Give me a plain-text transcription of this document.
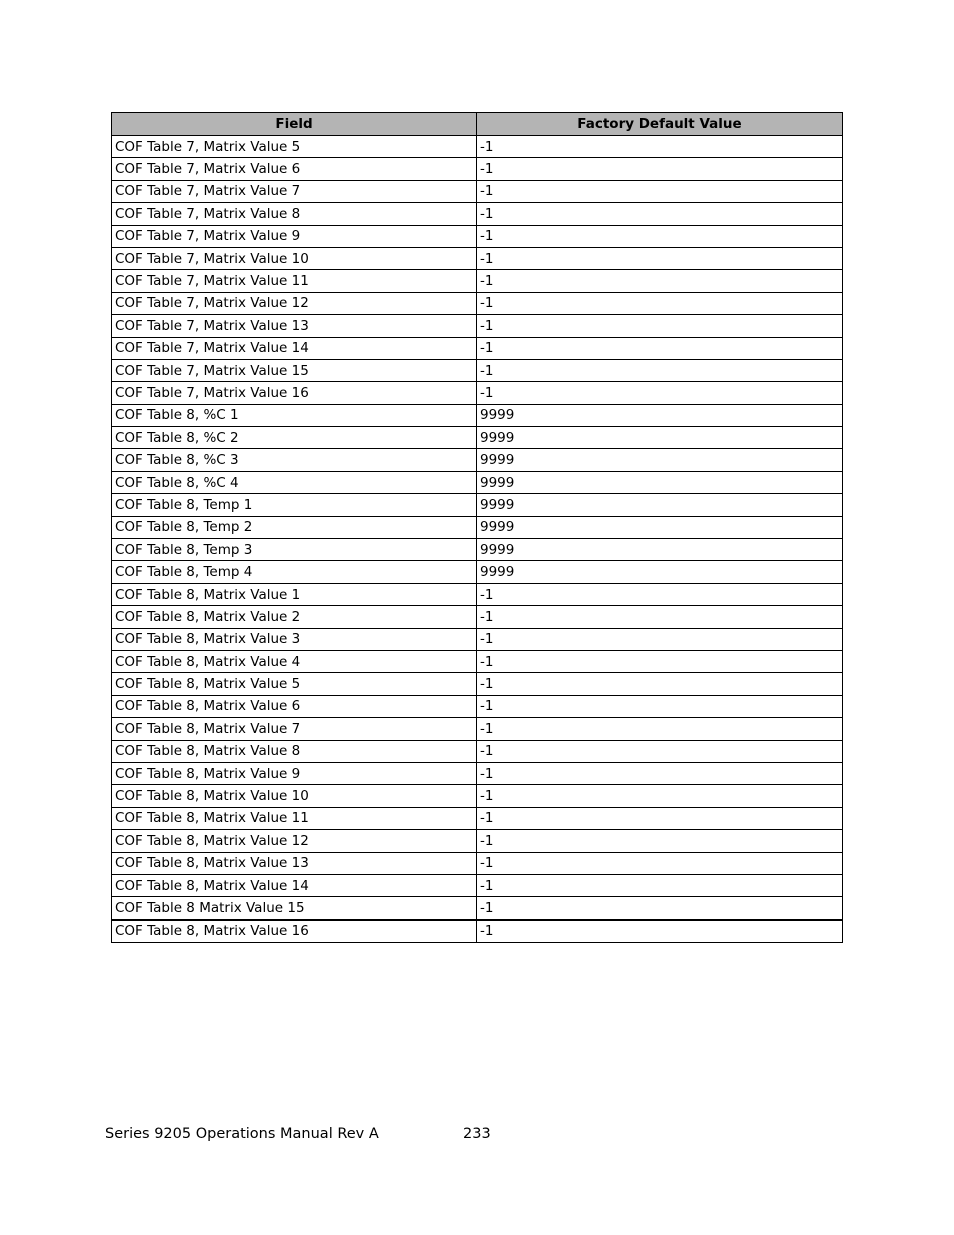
Field	Factory Default Value
COF Table 7, Matrix Value 5	-1
COF Table 7, Matrix Value 6	-1
COF Table 7, Matrix Value 7	-1
COF Table 7, Matrix Value 8	-1
COF Table 7, Matrix Value 9	-1
COF Table 7, Matrix Value 10	-1
COF Table 7, Matrix Value 11	-1
COF Table 7, Matrix Value 12	-1
COF Table 7, Matrix Value 13	-1
COF Table 7, Matrix Value 14	-1
COF Table 7, Matrix Value 15	-1
COF Table 7, Matrix Value 16	-1
COF Table 8, %C 1	9999
COF Table 8, %C 2	9999
COF Table 8, %C 3	9999
COF Table 8, %C 4	9999
COF Table 8, Temp 1	9999
COF Table 8, Temp 2	9999
COF Table 8, Temp 3	9999
COF Table 8, Temp 4	9999
COF Table 8, Matrix Value 1	-1
COF Table 8, Matrix Value 2	-1
COF Table 8, Matrix Value 3	-1
COF Table 8, Matrix Value 4	-1
COF Table 8, Matrix Value 5	-1
COF Table 8, Matrix Value 6	-1
COF Table 8, Matrix Value 7	-1
COF Table 8, Matrix Value 8	-1
COF Table 8, Matrix Value 9	-1
COF Table 8, Matrix Value 10	-1
COF Table 8, Matrix Value 11	-1
COF Table 8, Matrix Value 12	-1
COF Table 8, Matrix Value 13	-1
COF Table 8, Matrix Value 14	-1
COF Table 8 Matrix Value 15	-1
COF Table 8, Matrix Value 16	-1
Series 9205 Operations Manual Rev A	233
